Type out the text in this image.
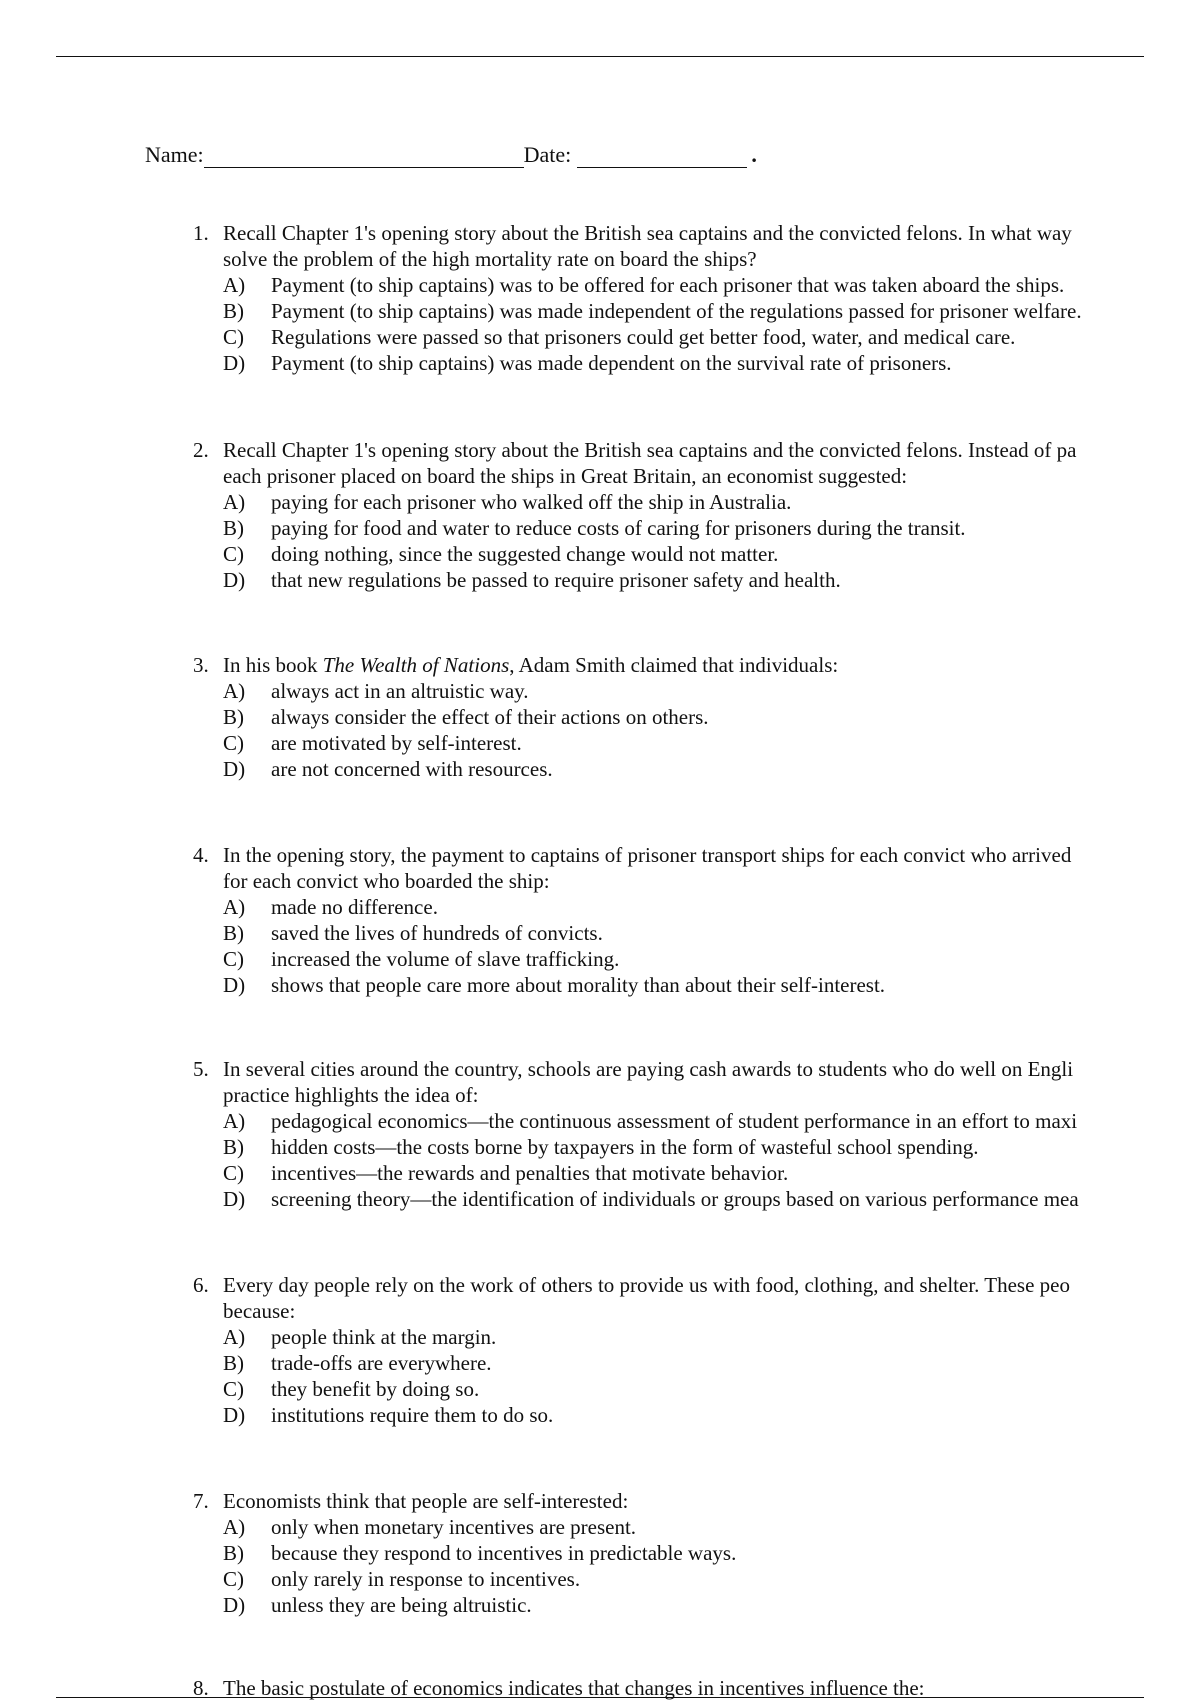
Name:	Date:	.
1. Recall Chapter 1's opening story about the British sea captains and the convicted felons. In what way
solve the problem of the high mortality rate on board the ships?
A)	Payment (to ship captains) was to be offered for each prisoner that was taken aboard the ships.
B)	Payment (to ship captains) was made independent of the regulations passed for prisoner welfare.
C)	Regulations were passed so that prisoners could get better food, water, and medical care.
D)	Payment (to ship captains) was made dependent on the survival rate of prisoners.
2. Recall Chapter 1's opening story about the British sea captains and the convicted felons. Instead of pa
each prisoner placed on board the ships in Great Britain, an economist suggested:
A)	paying for each prisoner who walked off the ship in Australia.
B)	paying for food and water to reduce costs of caring for prisoners during the transit.
C)	doing nothing, since the suggested change would not matter.
D)	that new regulations be passed to require prisoner safety and health.
3. In his book The Wealth of Nations, Adam Smith claimed that individuals:
A)	always act in an altruistic way.
B)	always consider the effect of their actions on others.
C)	are motivated by self-interest.
D)	are not concerned with resources.
4. In the opening story, the payment to captains of prisoner transport ships for each convict who arrived
for each convict who boarded the ship:
A)	made no difference.
B)	saved the lives of hundreds of convicts.
C)	increased the volume of slave trafficking.
D)	shows that people care more about morality than about their self-interest.
5. In several cities around the country, schools are paying cash awards to students who do well on Engli
practice highlights the idea of:
A)	pedagogical economics—the continuous assessment of student performance in an effort to maxi
B)	hidden costs—the costs borne by taxpayers in the form of wasteful school spending.
C)	incentives—the rewards and penalties that motivate behavior.
D)	screening theory—the identification of individuals or groups based on various performance mea
6. Every day people rely on the work of others to provide us with food, clothing, and shelter. These peo
because:
A)	people think at the margin.
B)	trade-offs are everywhere.
C)	they benefit by doing so.
D)	institutions require them to do so.
7. Economists think that people are self-interested:
A)	only when monetary incentives are present.
B)	because they respond to incentives in predictable ways.
C)	only rarely in response to incentives.
D)	unless they are being altruistic.
8. The basic postulate of economics indicates that changes in incentives influence the:
